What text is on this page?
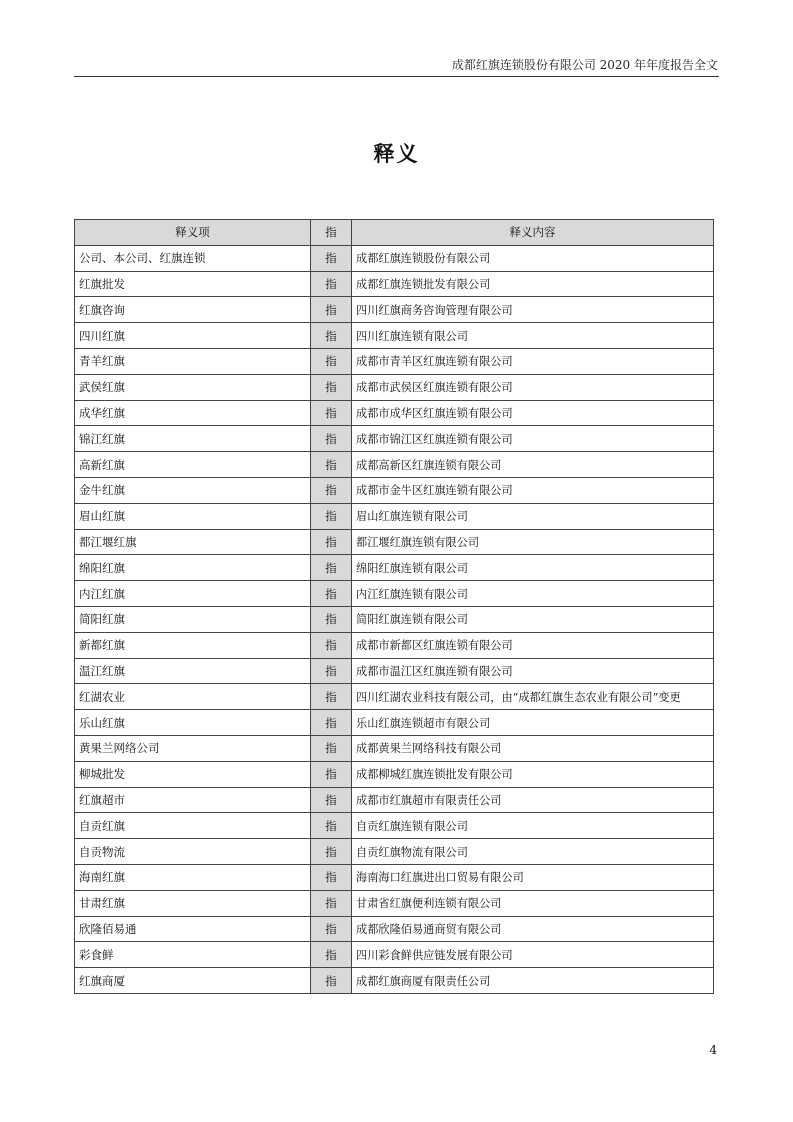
成都红旗连锁股份有限公司 2020 年年度报告全文
释义
释义项	指	释义内容
公司、本公司、红旗连锁	指	成都红旗连锁股份有限公司
红旗批发	指	成都红旗连锁批发有限公司
红旗咨询	指	四川红旗商务咨询管理有限公司
四川红旗	指	四川红旗连锁有限公司
青羊红旗	指	成都市青羊区红旗连锁有限公司
武侯红旗	指	成都市武侯区红旗连锁有限公司
成华红旗	指	成都市成华区红旗连锁有限公司
锦江红旗	指	成都市锦江区红旗连锁有限公司
高新红旗	指	成都高新区红旗连锁有限公司
金牛红旗	指	成都市金牛区红旗连锁有限公司
眉山红旗	指	眉山红旗连锁有限公司
都江堰红旗	指	都江堰红旗连锁有限公司
绵阳红旗	指	绵阳红旗连锁有限公司
内江红旗	指	内江红旗连锁有限公司
简阳红旗	指	简阳红旗连锁有限公司
新都红旗	指	成都市新都区红旗连锁有限公司
温江红旗	指	成都市温江区红旗连锁有限公司
红湖农业	指	四川红湖农业科技有限公司，由“成都红旗生态农业有限公司”变更
乐山红旗	指	乐山红旗连锁超市有限公司
黄果兰网络公司	指	成都黄果兰网络科技有限公司
柳城批发	指	成都柳城红旗连锁批发有限公司
红旗超市	指	成都市红旗超市有限责任公司
自贡红旗	指	自贡红旗连锁有限公司
自贡物流	指	自贡红旗物流有限公司
海南红旗	指	海南海口红旗进出口贸易有限公司
甘肃红旗	指	甘肃省红旗便利连锁有限公司
欣隆佰易通	指	成都欣隆佰易通商贸有限公司
彩食鲜	指	四川彩食鲜供应链发展有限公司
红旗商厦	指	成都红旗商厦有限责任公司
4
